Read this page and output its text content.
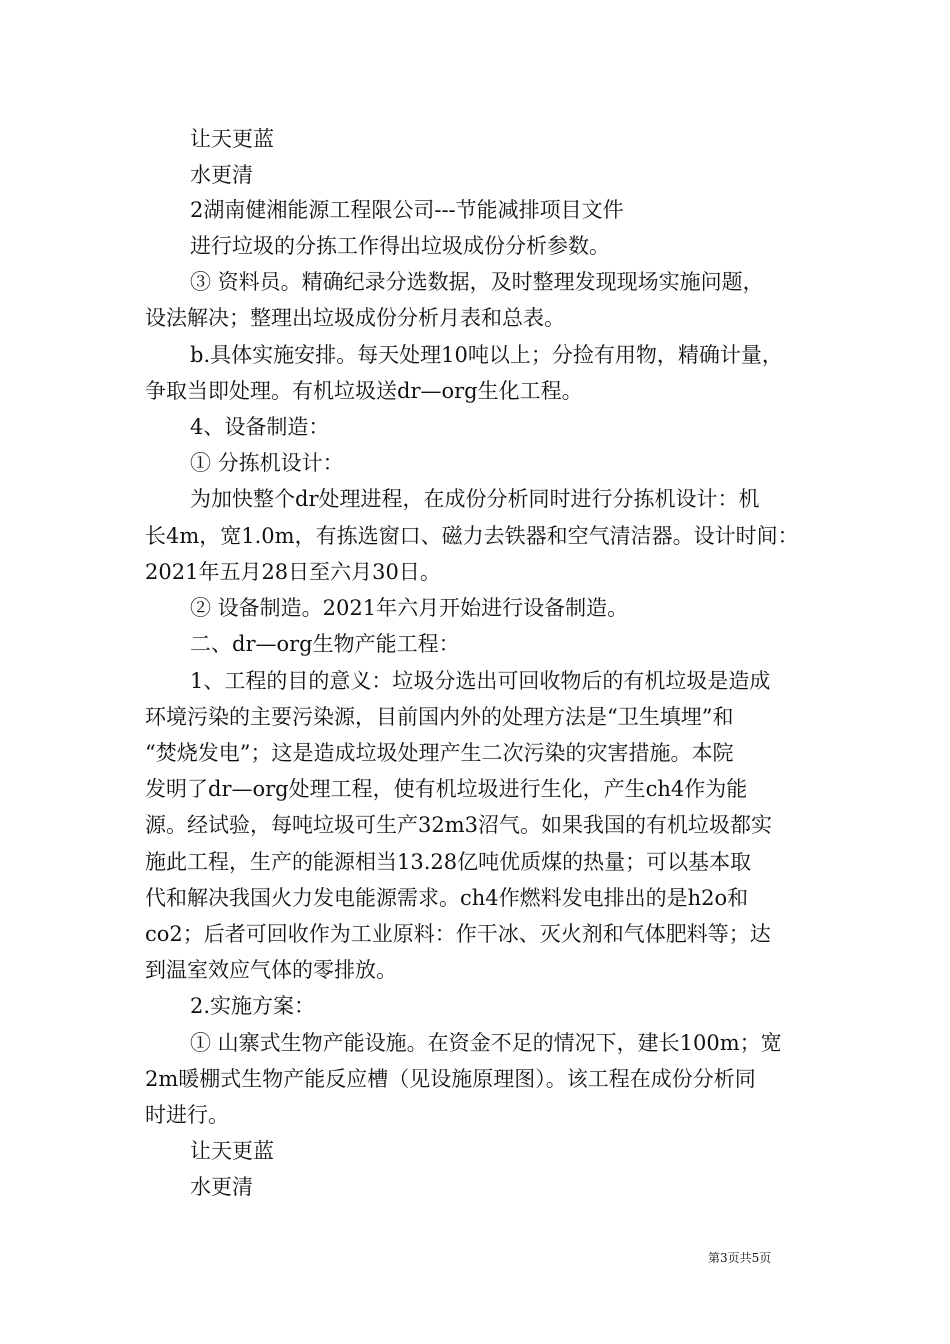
让天更蓝
水更清
2湖南健湘能源工程限公司---节能减排项目文件
进行垃圾的分拣工作得出垃圾成份分析参数。
③ 资料员。精确纪录分选数据，及时整理发现现场实施问题，
设法解决；整理出垃圾成份分析月表和总表。
b.具体实施安排。每天处理10吨以上；分捡有用物，精确计量，
争取当即处理。有机垃圾送dr—org生化工程。
4、设备制造：
① 分拣机设计：
为加快整个dr处理进程，在成份分析同时进行分拣机设计：机
长4m，宽1.0m，有拣选窗口、磁力去铁器和空气清洁器。设计时间：
2021年五月28日至六月30日。
② 设备制造。2021年六月开始进行设备制造。
二、dr—org生物产能工程：
1、工程的目的意义：垃圾分选出可回收物后的有机垃圾是造成
环境污染的主要污染源，目前国内外的处理方法是“卫生填埋”和
“焚烧发电”；这是造成垃圾处理产生二次污染的灾害措施。本院
发明了dr—org处理工程，使有机垃圾进行生化，产生ch4作为能
源。经试验，每吨垃圾可生产32m3沼气。如果我国的有机垃圾都实
施此工程，生产的能源相当13.28亿吨优质煤的热量；可以基本取
代和解决我国火力发电能源需求。ch4作燃料发电排出的是h2o和
co2；后者可回收作为工业原料：作干冰、灭火剂和气体肥料等；达
到温室效应气体的零排放。
2.实施方案：
① 山寨式生物产能设施。在资金不足的情况下，建长100m；宽
2m暖棚式生物产能反应槽（见设施原理图）。该工程在成份分析同
时进行。
让天更蓝
水更清
第3页共5页
